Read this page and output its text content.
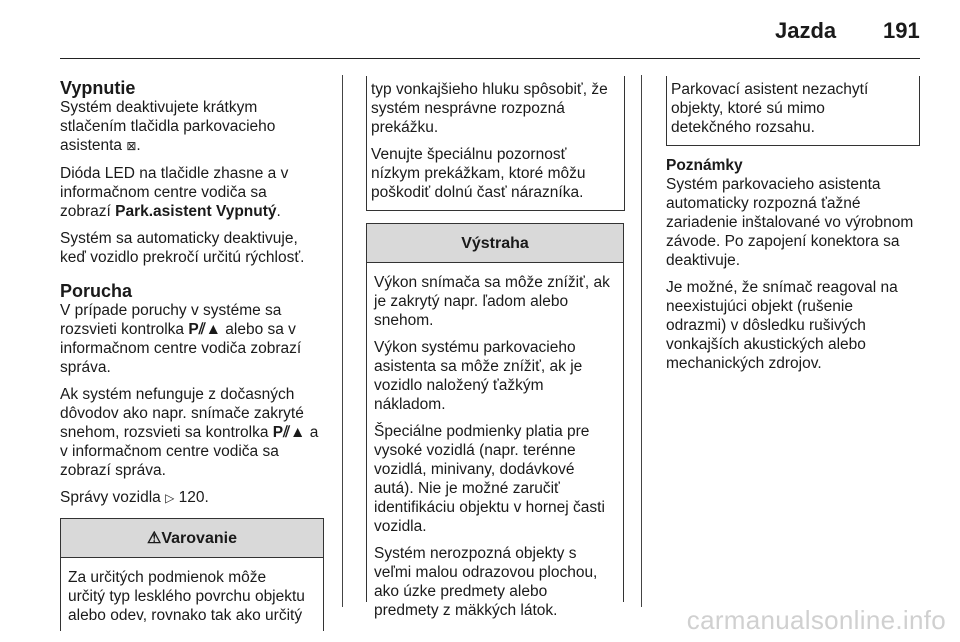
Jazda 191
Vypnutie

Systém deaktivujete krátkym
stlačením tlačidla parkovacieho
asistenta ⊠.

Dióda LED na tlačidle zhasne a v
informačnom centre vodiča sa
zobrazí Park.asistent Vypnutý.

Systém sa automaticky deaktivuje,
keď vozidlo prekročí určitú rýchlosť.

Porucha

V prípade poruchy v systéme sa
rozsvieti kontrolka P⫽▲ alebo sa v
informačnom centre vodiča zobrazí
správa.

Ak systém nefunguje z dočasných
dôvodov ako napr. snímače zakryté
snehom, rozsvieti sa kontrolka P⫽▲ a
v informačnom centre vodiča sa
zobrazí správa.

Správy vozidla ▷ 120.

⚠ Varovanie
Za určitých podmienok môže
určitý typ lesklého povrchu objektu
alebo odev, rovnako tak ako určitý

typ vonkajšieho hluku spôsobiť, že
systém nesprávne rozpozná
prekážku.

Venujte špeciálnu pozornosť
nízkym prekážkam, ktoré môžu
poškodiť dolnú časť nárazníka.

Výstraha

Výkon snímača sa môže znížiť, ak
je zakrytý napr. ľadom alebo
snehom.

Výkon systému parkovacieho
asistenta sa môže znížiť, ak je
vozidlo naložený ťažkým
nákladom.

Špeciálne podmienky platia pre
vysoké vozidlá (napr. terénne
vozidlá, minivany, dodávkové
autá). Nie je možné zaručiť
identifikáciu objektu v hornej časti
vozidla.

Systém nerozpozná objekty s
veľmi malou odrazovou plochou,
ako úzke predmety alebo
predmety z mäkkých látok.

Parkovací asistent nezachytí
objekty, ktoré sú mimo
detekčného rozsahu.
Poznámky

Systém parkovacieho asistenta
automaticky rozpozná ťažné
zariadenie inštalované vo výrobnom
závode. Po zapojení konektora sa
deaktivuje.

Je možné, že snímač reagoval na
neexistujúci objekt (rušenie
odrazmi) v dôsledku rušivých
vonkajších akustických alebo
mechanických zdrojov.

carmanualsonline.info
